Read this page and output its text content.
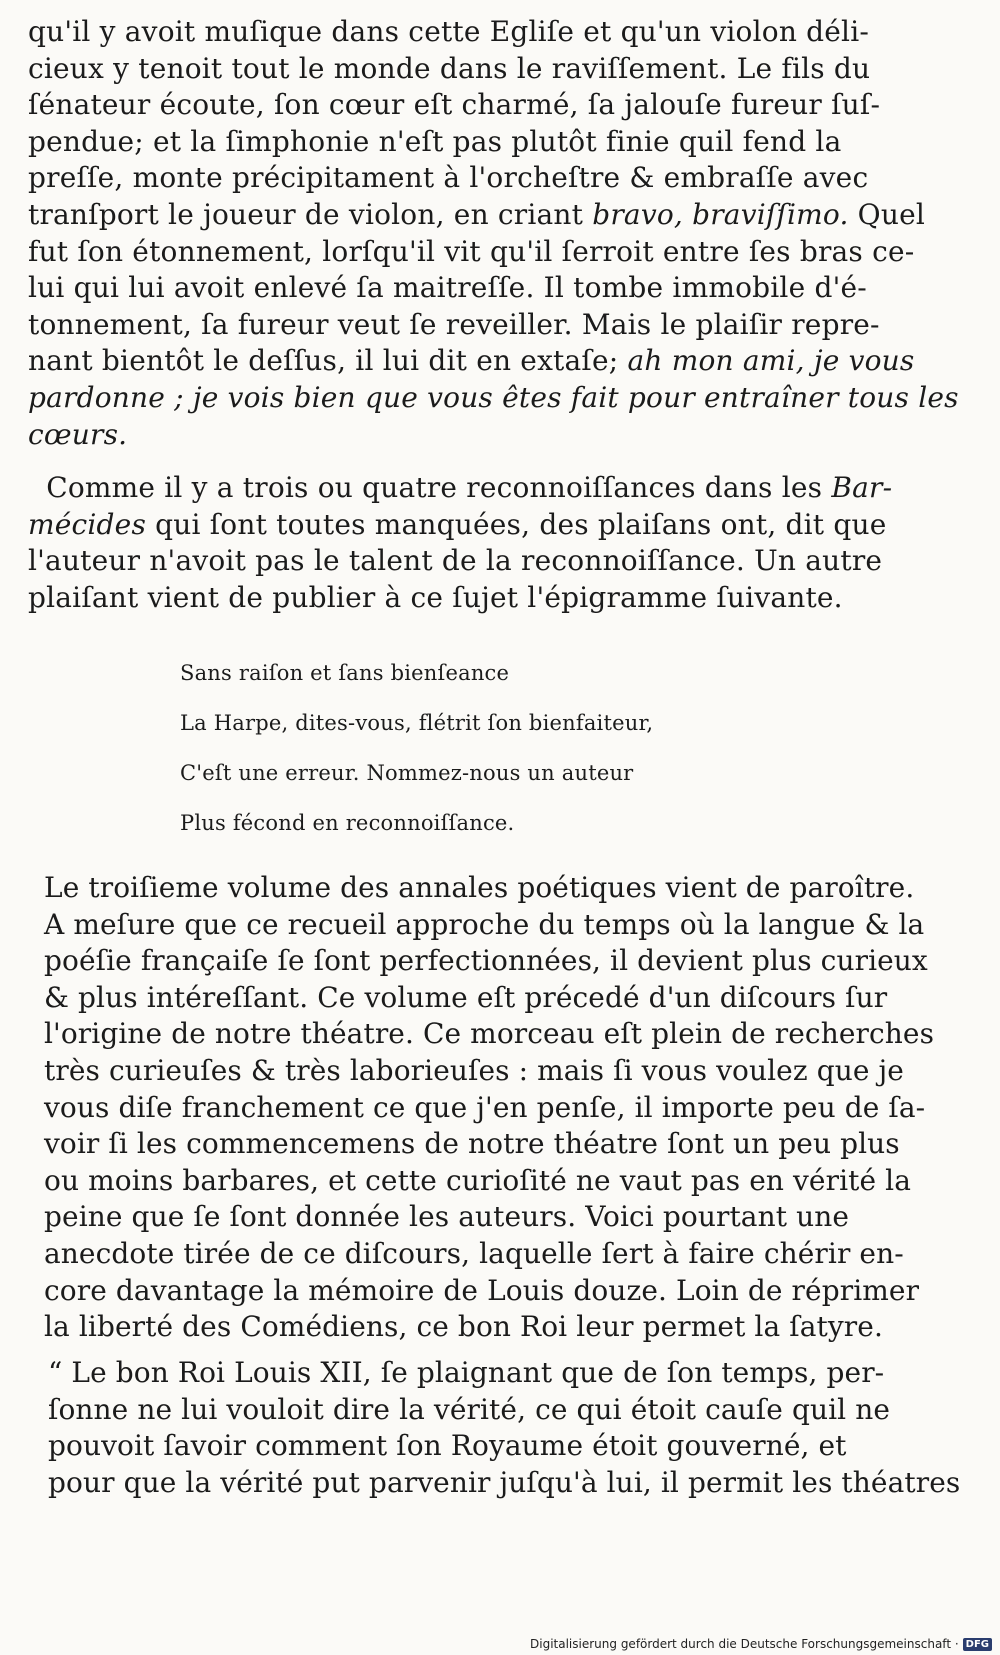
qu'il y avoit muſique dans cette Egliſe et qu'un violon déli-
cieux y tenoit tout le monde dans le raviſſement. Le fils du
ſénateur écoute, ſon cœur eſt charmé, ſa jalouſe fureur ſuſ-
pendue; et la ſimphonie n'eſt pas plutôt finie quil fend la
preſſe, monte précipitament à l'orcheſtre & embraſſe avec
tranſport le joueur de violon, en criant bravo, braviſſimo. Quel
fut ſon étonnement, lorſqu'il vit qu'il ſerroit entre ſes bras ce-
lui qui lui avoit enlevé ſa maitreſſe. Il tombe immobile d'é-
tonnement, ſa fureur veut ſe reveiller. Mais le plaiſir repre-
nant bientôt le deſſus, il lui dit en extaſe; ah mon ami, je vous
pardonne ; je vois bien que vous êtes fait pour entraîner tous les
cœurs.
Comme il y a trois ou quatre reconnoiſſances dans les Bar-
mécides qui ſont toutes manquées, des plaiſans ont, dit que
l'auteur n'avoit pas le talent de la reconnoiſſance. Un autre
plaiſant vient de publier à ce ſujet l'épigramme ſuivante.
Sans raiſon et ſans bienſeance
La Harpe, dites-vous, flétrit ſon bienfaiteur,
C'eſt une erreur. Nommez-nous un auteur
Plus fécond en reconnoiſſance.
Le troiſieme volume des annales poétiques vient de paroître.
A meſure que ce recueil approche du temps où la langue & la
poéſie françaiſe ſe ſont perfectionnées, il devient plus curieux
& plus intéreſſant. Ce volume eſt précedé d'un diſcours ſur
l'origine de notre théatre. Ce morceau eſt plein de recherches
très curieuſes & très laborieuſes : mais ſi vous voulez que je
vous diſe franchement ce que j'en penſe, il importe peu de ſa-
voir ſi les commencemens de notre théatre ſont un peu plus
ou moins barbares, et cette curioſité ne vaut pas en vérité la
peine que ſe ſont donnée les auteurs. Voici pourtant une
anecdote tirée de ce diſcours, laquelle ſert à faire chérir en-
core davantage la mémoire de Louis douze. Loin de réprimer
la liberté des Comédiens, ce bon Roi leur permet la ſatyre.
“ Le bon Roi Louis XII, ſe plaignant que de ſon temps, per-
ſonne ne lui vouloit dire la vérité, ce qui étoit cauſe quil ne
pouvoit ſavoir comment ſon Royaume étoit gouverné, et
pour que la vérité put parvenir juſqu'à lui, il permit les théatres
Digitalisierung gefördert durch die Deutsche Forschungsgemeinschaft · DFG
